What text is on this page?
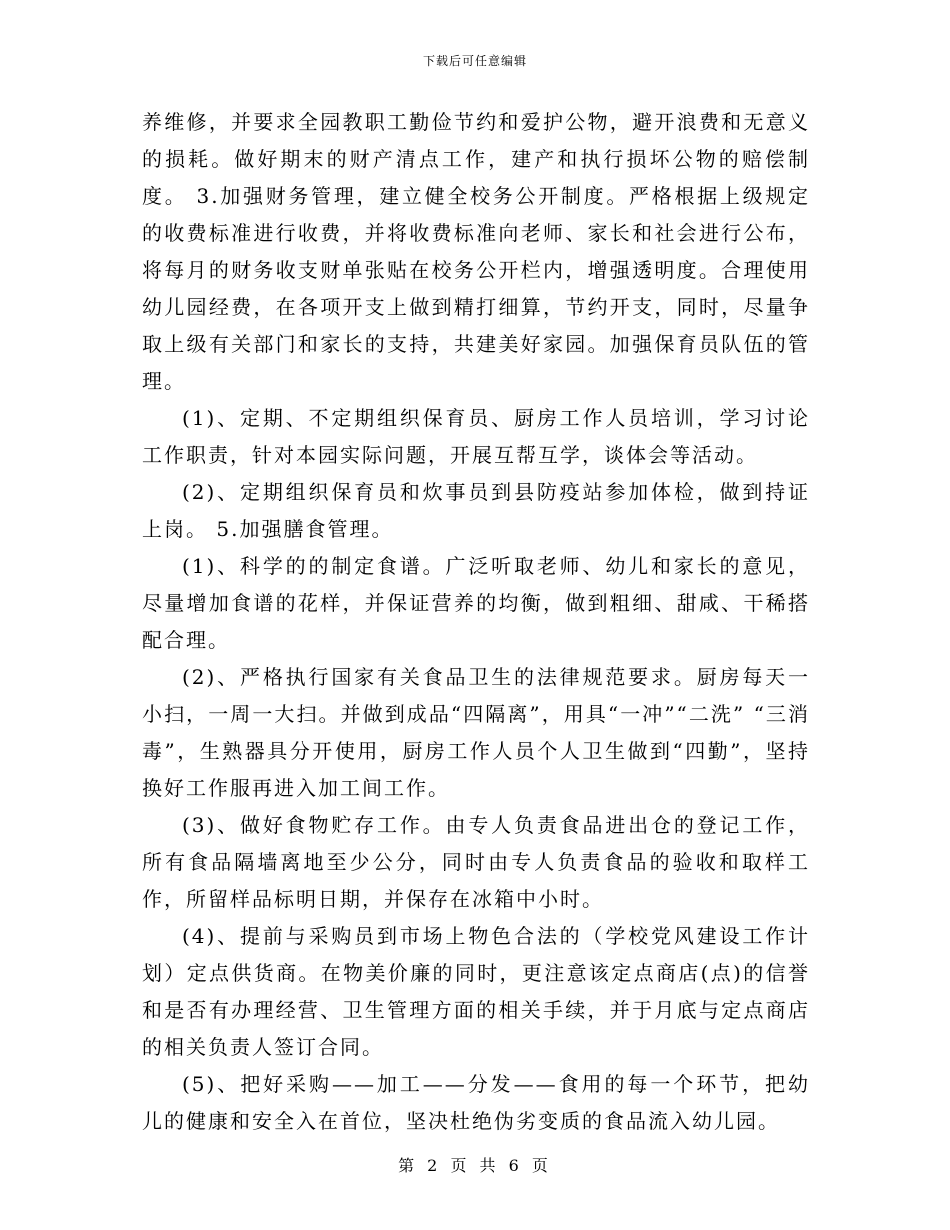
下载后可任意编辑

养维修，并要求全园教职工勤俭节约和爱护公物，避开浪费和无意义的损耗。做好期末的财产清点工作，建产和执行损坏公物的赔偿制度。 3.加强财务管理，建立健全校务公开制度。严格根据上级规定的收费标准进行收费，并将收费标准向老师、家长和社会进行公布，将每月的财务收支财单张贴在校务公开栏内，增强透明度。合理使用幼儿园经费，在各项开支上做到精打细算，节约开支，同时，尽量争取上级有关部门和家长的支持，共建美好家园。加强保育员队伍的管理。

(1)、定期、不定期组织保育员、厨房工作人员培训，学习讨论工作职责，针对本园实际问题，开展互帮互学，谈体会等活动。

(2)、定期组织保育员和炊事员到县防疫站参加体检，做到持证上岗。 5.加强膳食管理。

(1)、科学的的制定食谱。广泛听取老师、幼儿和家长的意见，尽量增加食谱的花样，并保证营养的均衡，做到粗细、甜咸、干稀搭配合理。

(2)、严格执行国家有关食品卫生的法律规范要求。厨房每天一小扫，一周一大扫。并做到成品“四隔离”，用具“一冲”“二洗” “三消毒”，生熟器具分开使用，厨房工作人员个人卫生做到“四勤”，坚持换好工作服再进入加工间工作。

(3)、做好食物贮存工作。由专人负责食品进出仓的登记工作，所有食品隔墙离地至少公分，同时由专人负责食品的验收和取样工作，所留样品标明日期，并保存在冰箱中小时。

(4)、提前与采购员到市场上物色合法的（学校党风建设工作计划）定点供货商。在物美价廉的同时，更注意该定点商店(点)的信誉和是否有办理经营、卫生管理方面的相关手续，并于月底与定点商店的相关负责人签订合同。

(5)、把好采购——加工——分发——食用的每一个环节，把幼儿的健康和安全入在首位，坚决杜绝伪劣变质的食品流入幼儿园。

第 2 页 共 6 页
